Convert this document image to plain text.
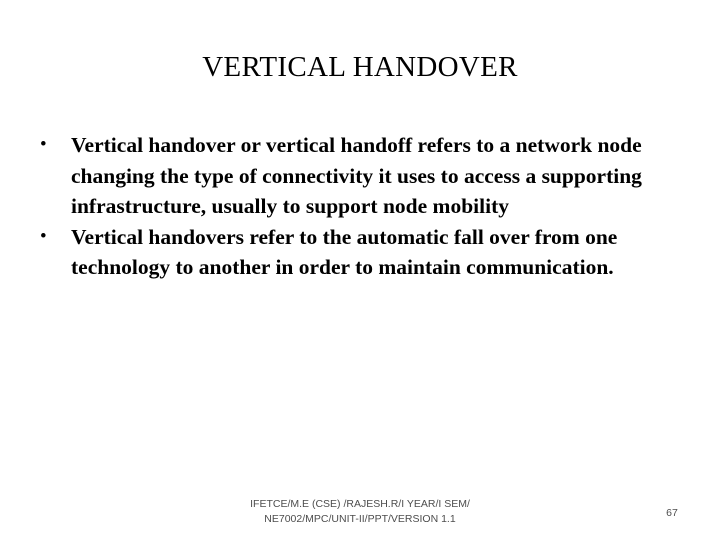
VERTICAL HANDOVER
• Vertical handover or vertical handoff refers to a network node changing the type of connectivity it uses to access a supporting infrastructure, usually to support node mobility
• Vertical handovers refer to the automatic fall over from one technology to another in order to maintain communication.
IFETCE/M.E (CSE) /RAJESH.R/I YEAR/I SEM/
NE7002/MPC/UNIT-II/PPT/VERSION 1.1	67
